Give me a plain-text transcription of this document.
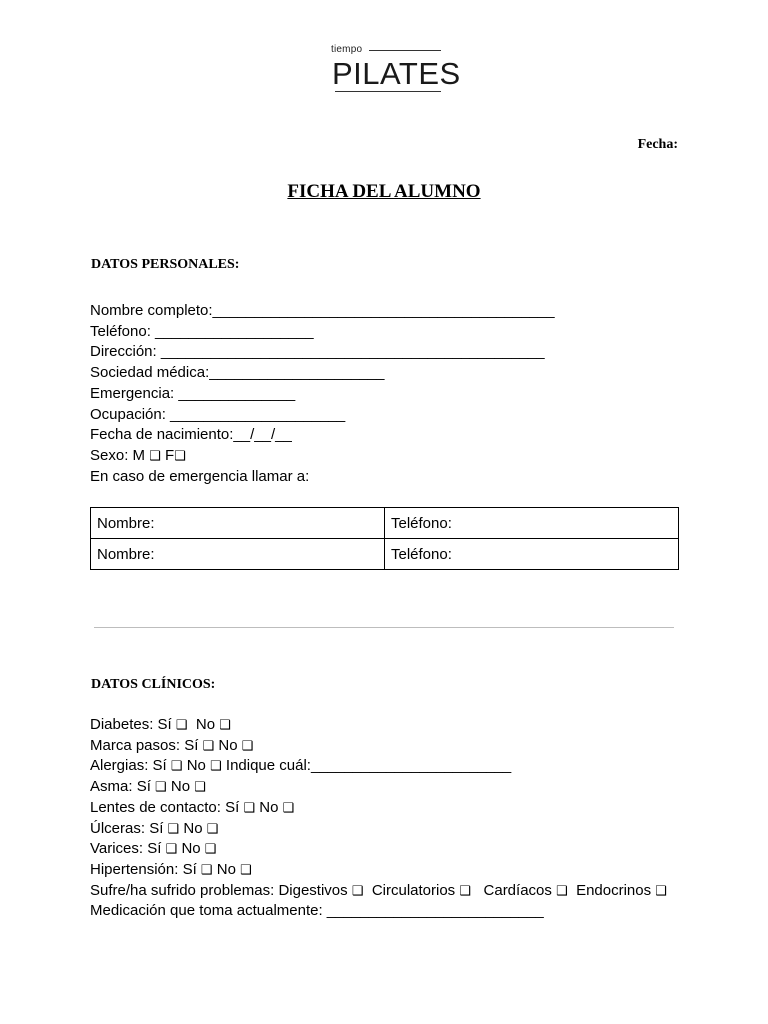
tiempo
PILATES
Fecha:
FICHA DEL ALUMNO
DATOS PERSONALES:
Nombre completo:_________________________________________
Teléfono: ___________________
Dirección: ______________________________________________
Sociedad médica:_____________________
Emergencia: ______________
Ocupación: _____________________
Fecha de nacimiento:__/__/__
Sexo: M ❑ F❑
En caso de emergencia llamar a:
Nombre:	Teléfono:
Nombre:	Teléfono:
DATOS CLÍNICOS:
Diabetes: Sí ❑ No ❑
Marca pasos: Sí ❑ No ❑
Alergias: Sí ❑ No ❑ Indique cuál:________________________
Asma: Sí ❑ No ❑
Lentes de contacto: Sí ❑ No ❑
Úlceras: Sí ❑ No ❑
Varices: Sí ❑ No ❑
Hipertensión: Sí ❑ No ❑
Sufre/ha sufrido problemas: Digestivos ❑ Circulatorios ❑ Cardíacos ❑ Endocrinos ❑
Medicación que toma actualmente: __________________________
